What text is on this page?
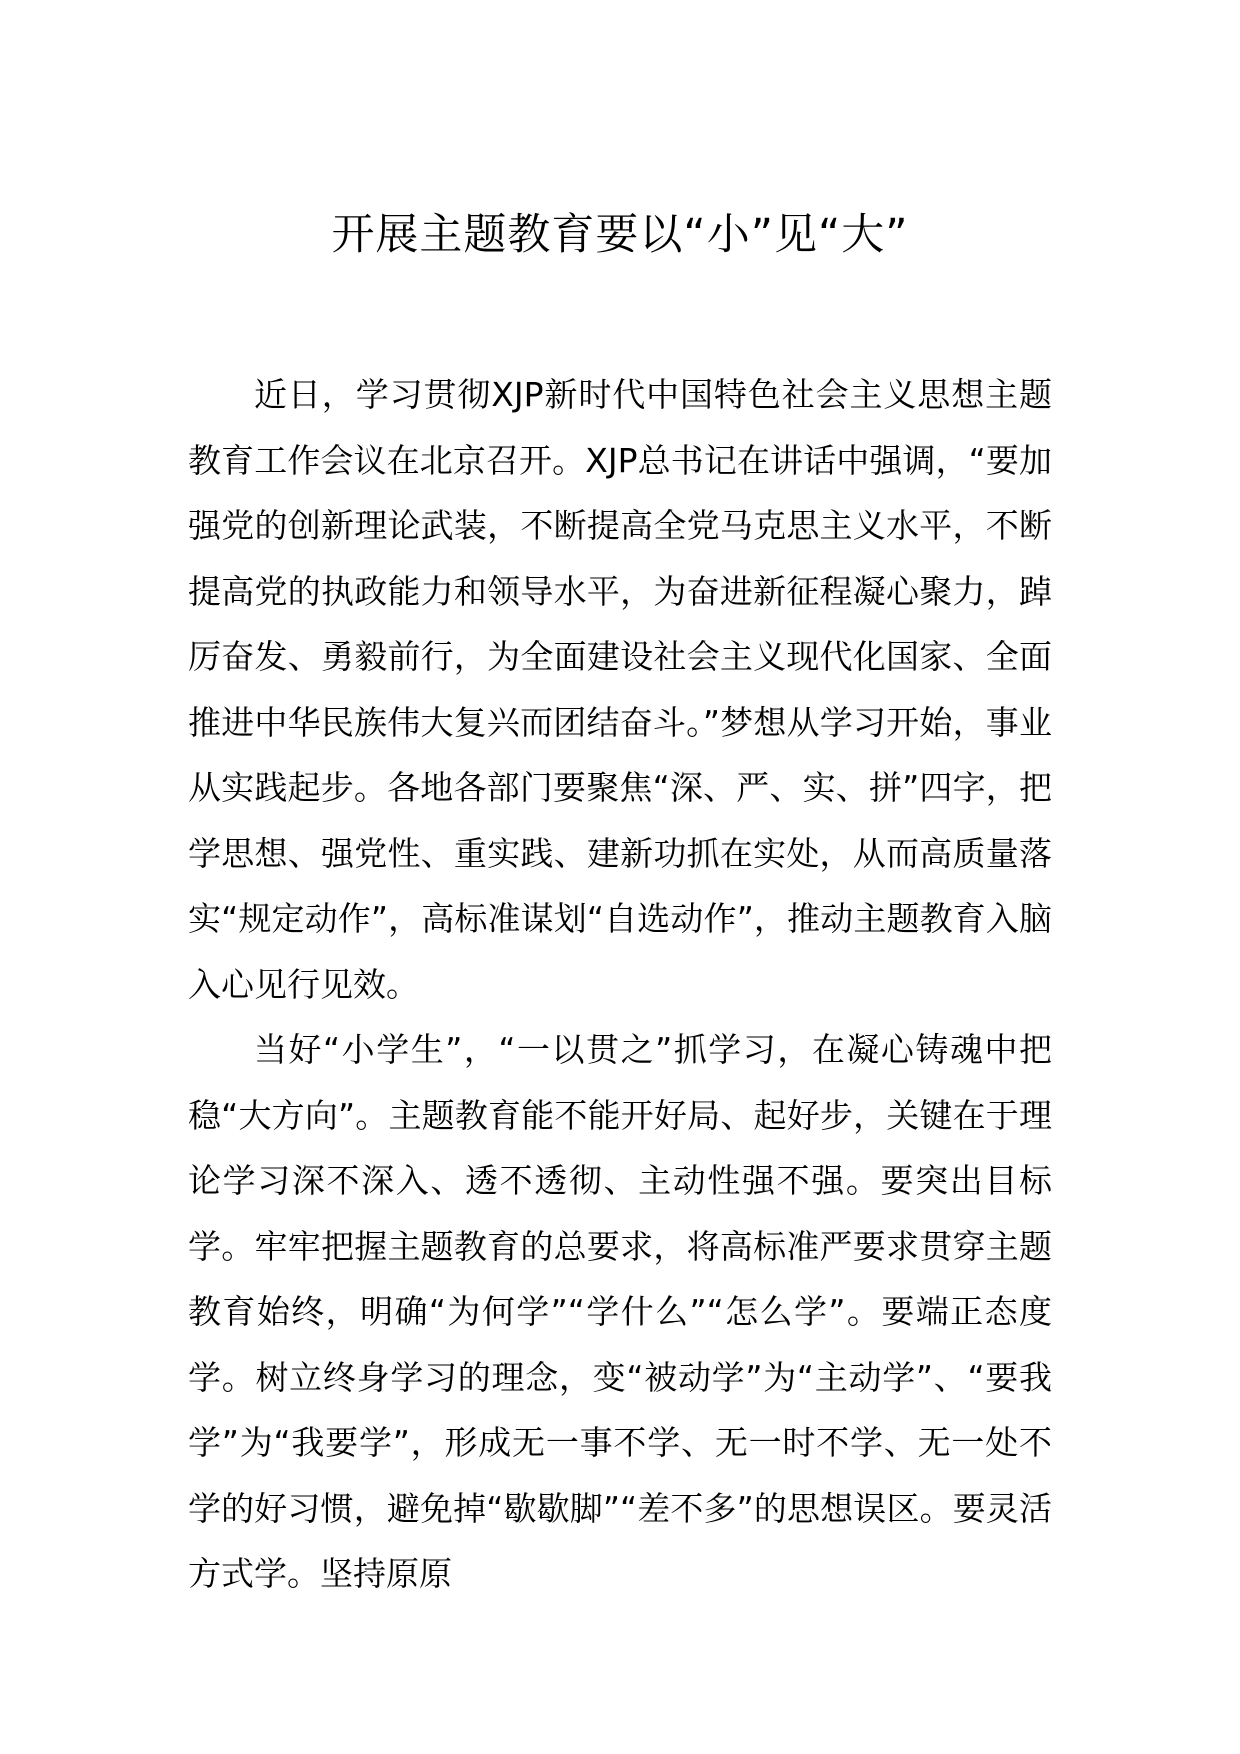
开展主题教育要以“小”见“大”

近日，学习贯彻XJP新时代中国特色社会主义思想主题教育工作会议在北京召开。XJP总书记在讲话中强调，“要加强党的创新理论武装，不断提高全党马克思主义水平，不断提高党的执政能力和领导水平，为奋进新征程凝心聚力，踔厉奋发、勇毅前行，为全面建设社会主义现代化国家、全面推进中华民族伟大复兴而团结奋斗。”梦想从学习开始，事业从实践起步。各地各部门要聚焦“深、严、实、拼”四字，把学思想、强党性、重实践、建新功抓在实处，从而高质量落实“规定动作”，高标准谋划“自选动作”，推动主题教育入脑入心见行见效。

当好“小学生”，“一以贯之”抓学习，在凝心铸魂中把稳“大方向”。主题教育能不能开好局、起好步，关键在于理论学习深不深入、透不透彻、主动性强不强。要突出目标学。牢牢把握主题教育的总要求，将高标准严要求贯穿主题教育始终，明确“为何学”“学什么”“怎么学”。要端正态度学。树立终身学习的理念，变“被动学”为“主动学”、“要我学”为“我要学”，形成无一事不学、无一时不学、无一处不学的好习惯，避免掉“歇歇脚”“差不多”的思想误区。要灵活方式学。坚持原原
